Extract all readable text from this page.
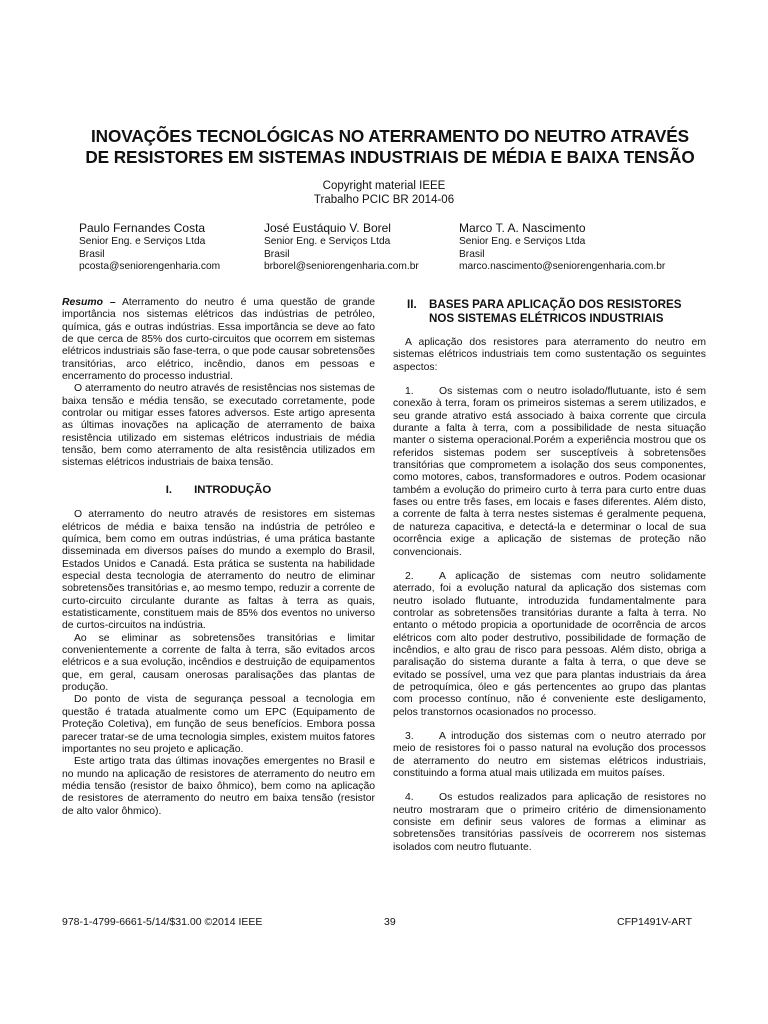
INOVAÇÕES TECNOLÓGICAS NO ATERRAMENTO DO NEUTRO ATRAVÉS
DE RESISTORES EM SISTEMAS INDUSTRIAIS DE MÉDIA E BAIXA TENSÃO
Copyright material IEEE
Trabalho PCIC BR 2014-06
Paulo Fernandes Costa
Senior Eng. e Serviços Ltda
Brasil
pcosta@seniorengenharia.com
José Eustáquio V. Borel
Senior Eng. e Serviços Ltda
Brasil
brborel@seniorengenharia.com.br
Marco T. A. Nascimento
Senior Eng. e Serviços Ltda
Brasil
marco.nascimento@seniorengenharia.com.br

Resumo – Aterramento do neutro é uma questão de grande importância nos sistemas elétricos das indústrias de petróleo, química, gás e outras indústrias. Essa importância se deve ao fato de que cerca de 85% dos curto-circuitos que ocorrem em sistemas elétricos industriais são fase-terra, o que pode causar sobretensões transitórias, arco elétrico, incêndio, danos em pessoas e encerramento do processo industrial.

O aterramento do neutro através de resistências nos sistemas de baixa tensão e média tensão, se executado corretamente, pode controlar ou mitigar esses fatores adversos. Este artigo apresenta as últimas inovações na aplicação de aterramento de baixa resistência utilizado em sistemas elétricos industriais de média tensão, bem como aterramento de alta resistência utilizados em sistemas elétricos industriais de baixa tensão.

I. INTRODUÇÃO

O aterramento do neutro através de resistores em sistemas elétricos de média e baixa tensão na indústria de petróleo e química, bem como em outras indústrias, é uma prática bastante disseminada em diversos países do mundo a exemplo do Brasil, Estados Unidos e Canadá. Esta prática se sustenta na habilidade especial desta tecnologia de aterramento do neutro de eliminar sobretensões transitórias e, ao mesmo tempo, reduzir a corrente de curto-circuito circulante durante as faltas à terra as quais, estatisticamente, constituem mais de 85% dos eventos no universo de curtos-circuitos na indústria.

Ao se eliminar as sobretensões transitórias e limitar convenientemente a corrente de falta à terra, são evitados arcos elétricos e a sua evolução, incêndios e destruição de equipamentos que, em geral, causam onerosas paralisações das plantas de produção.

Do ponto de vista de segurança pessoal a tecnologia em questão é tratada atualmente como um EPC (Equipamento de Proteção Coletiva), em função de seus benefícios. Embora possa parecer tratar-se de uma tecnologia simples, existem muitos fatores importantes no seu projeto e aplicação.

Este artigo trata das últimas inovações emergentes no Brasil e no mundo na aplicação de resistores de aterramento do neutro em média tensão (resistor de baixo ôhmico), bem como na aplicação de resistores de aterramento do neutro em baixa tensão (resistor de alto valor ôhmico).

II. BASES PARA APLICAÇÃO DOS RESISTORES
NOS SISTEMAS ELÉTRICOS INDUSTRIAIS

A aplicação dos resistores para aterramento do neutro em sistemas elétricos industriais tem como sustentação os seguintes aspectos:

1. Os sistemas com o neutro isolado/flutuante, isto é sem conexão à terra, foram os primeiros sistemas a serem utilizados, e seu grande atrativo está associado à baixa corrente que circula durante a falta à terra, com a possibilidade de nesta situação manter o sistema operacional.Porém a experiência mostrou que os referidos sistemas podem ser susceptíveis à sobretensões transitórias que comprometem a isolação dos seus componentes, como motores, cabos, transformadores e outros. Podem ocasionar também a evolução do primeiro curto à terra para curto entre duas fases ou entre três fases, em locais e fases diferentes. Além disto, a corrente de falta à terra nestes sistemas é geralmente pequena, de natureza capacitiva, e detectá-la e determinar o local de sua ocorrência exige a aplicação de sistemas de proteção não convencionais.

2. A aplicação de sistemas com neutro solidamente aterrado, foi a evolução natural da aplicação dos sistemas com neutro isolado flutuante, introduzida fundamentalmente para controlar as sobretensões transitórias durante a falta à terra. No entanto o método propicia a oportunidade de ocorrência de arcos elétricos com alto poder destrutivo, possibilidade de formação de incêndios, e alto grau de risco para pessoas. Além disto, obriga a paralisação do sistema durante a falta à terra, o que deve se evitado se possível, uma vez que para plantas industriais da área de petroquímica, óleo e gás pertencentes ao grupo das plantas com processo contínuo, não é conveniente este desligamento, pelos transtornos ocasionados no processo.

3. A introdução dos sistemas com o neutro aterrado por meio de resistores foi o passo natural na evolução dos processos de aterramento do neutro em sistemas elétricos industriais, constituindo a forma atual mais utilizada em muitos países.

4. Os estudos realizados para aplicação de resistores no neutro mostraram que o primeiro critério de dimensionamento consiste em definir seus valores de formas a eliminar as sobretensões transitórias passíveis de ocorrerem nos sistemas isolados com neutro flutuante.

978-1-4799-6661-5/14/$31.00 ©2014 IEEE	39	CFP1491V-ART
